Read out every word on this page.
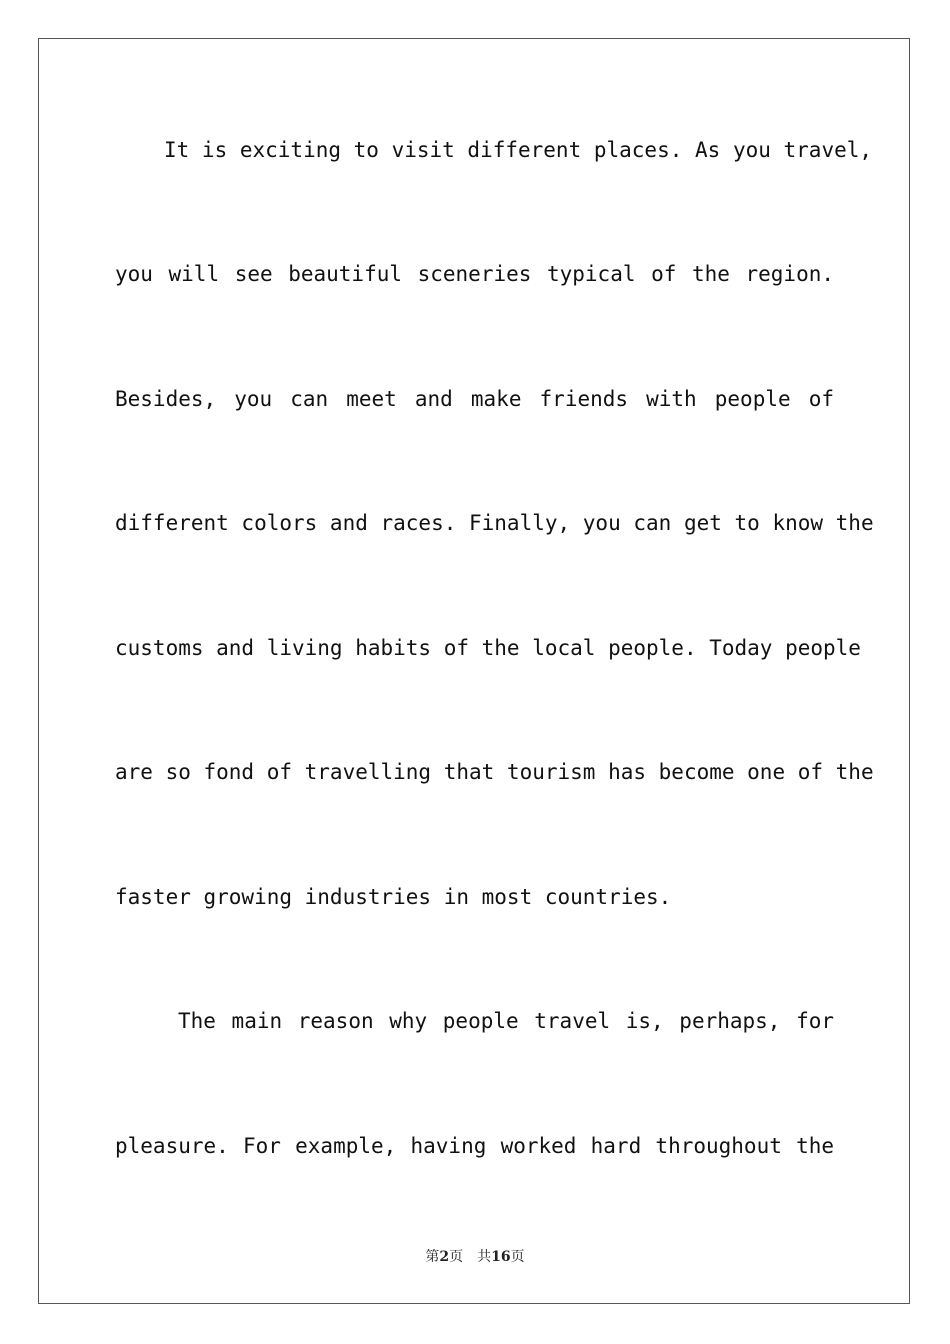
It is exciting to visit different places. As you travel,
you will see beautiful sceneries typical of the region.
Besides, you can meet and make friends with people of
different colors and races. Finally, you can get to know the
customs and living habits of the local people. Today people
are so fond of travelling that tourism has become one of the
faster growing industries in most countries.
The main reason why people travel is, perhaps, for
pleasure. For example, having worked hard throughout the
第2页 共16页
